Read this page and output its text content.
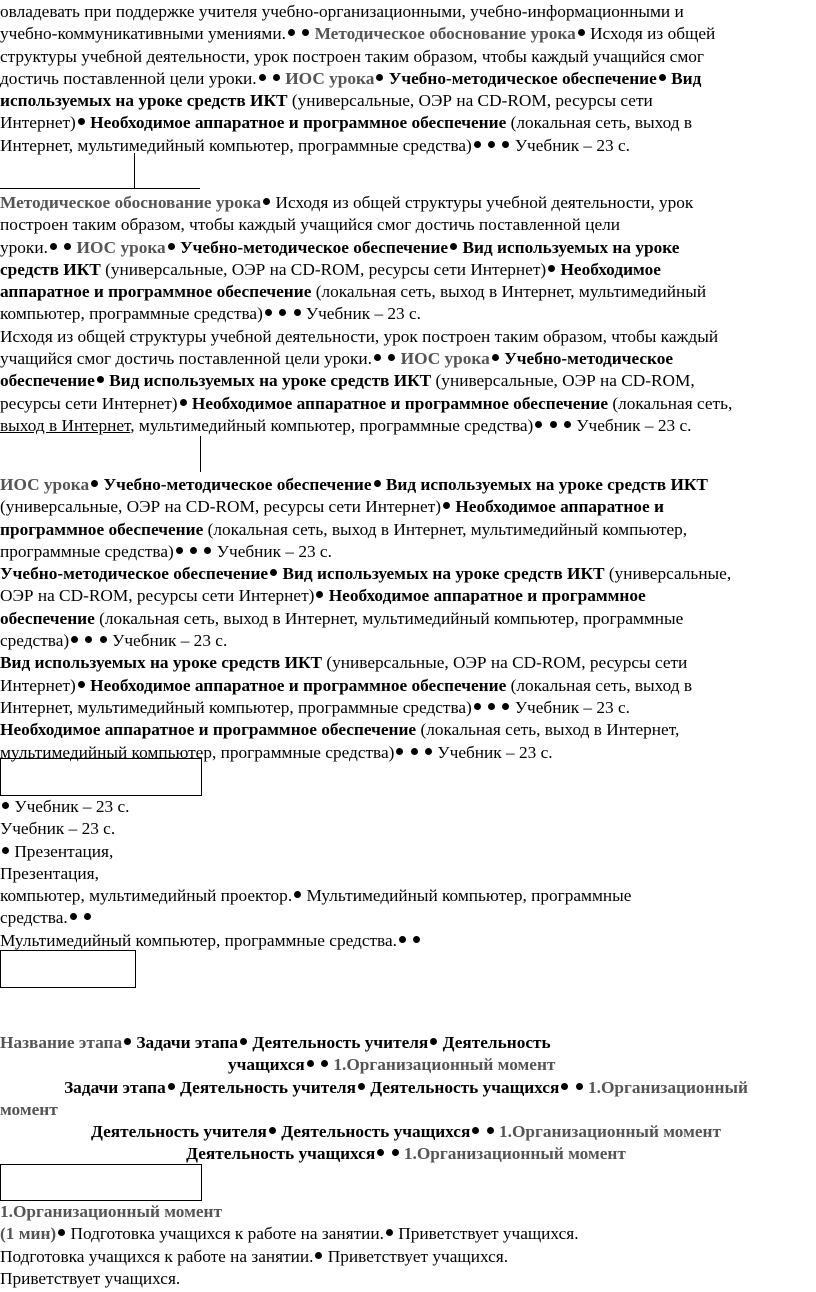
овладевать при поддержке учителя учебно-организационными, учебно-информационными и
учебно-коммуникативными умениями. Методическое обоснование урока Исходя из общей
структуры учебной деятельности, урок построен таким образом, чтобы каждый учащийся смог
достичь поставленной цели уроки. ИОС урока Учебно-методическое обеспечение Вид
используемых на уроке средств ИКТ (универсальные, ОЭР на CD-ROM, ресурсы сети
Интернет) Необходимое аппаратное и программное обеспечение (локальная сеть, выход в
Интернет, мультимедийный компьютер, программные средства) Учебник – 23 с.
Методическое обоснование урока Исходя из общей структуры учебной деятельности, урок
построен таким образом, чтобы каждый учащийся смог достичь поставленной цели
уроки. ИОС урока Учебно-методическое обеспечение Вид используемых на уроке
средств ИКТ (универсальные, ОЭР на CD-ROM, ресурсы сети Интернет) Необходимое
аппаратное и программное обеспечение (локальная сеть, выход в Интернет, мультимедийный
компьютер, программные средства) Учебник – 23 с.
Исходя из общей структуры учебной деятельности, урок построен таким образом, чтобы каждый
учащийся смог достичь поставленной цели уроки. ИОС урока Учебно-методическое
обеспечение Вид используемых на уроке средств ИКТ (универсальные, ОЭР на CD-ROM,
ресурсы сети Интернет) Необходимое аппаратное и программное обеспечение (локальная сеть,
выход в Интернет, мультимедийный компьютер, программные средства) Учебник – 23 с.
ИОС урока Учебно-методическое обеспечение Вид используемых на уроке средств ИКТ
(универсальные, ОЭР на CD-ROM, ресурсы сети Интернет) Необходимое аппаратное и
программное обеспечение (локальная сеть, выход в Интернет, мультимедийный компьютер,
программные средства) Учебник – 23 с.
Учебно-методическое обеспечение Вид используемых на уроке средств ИКТ (универсальные,
ОЭР на CD-ROM, ресурсы сети Интернет) Необходимое аппаратное и программное
обеспечение (локальная сеть, выход в Интернет, мультимедийный компьютер, программные
средства) Учебник – 23 с.
Вид используемых на уроке средств ИКТ (универсальные, ОЭР на CD-ROM, ресурсы сети
Интернет) Необходимое аппаратное и программное обеспечение (локальная сеть, выход в
Интернет, мультимедийный компьютер, программные средства) Учебник – 23 с.
Необходимое аппаратное и программное обеспечение (локальная сеть, выход в Интернет,
мультимедийный компьютер, программные средства) Учебник – 23 с.
Учебник – 23 с.
Учебник – 23 с.
Презентация,
Презентация,
компьютер, мультимедийный проектор. Мультимедийный компьютер, программные
средства.
Мультимедийный компьютер, программные средства.
Название этапа Задачи этапа Деятельность учителя Деятельность
учащихся 1.Организационный момент
Задачи этапа Деятельность учителя Деятельность учащихся 1.Организационный
момент
Деятельность учителя Деятельность учащихся 1.Организационный момент
Деятельность учащихся 1.Организационный момент
1.Организационный момент
(1 мин) Подготовка учащихся к работе на занятии. Приветствует учащихся.
Подготовка учащихся к работе на занятии. Приветствует учащихся.
Приветствует учащихся.
